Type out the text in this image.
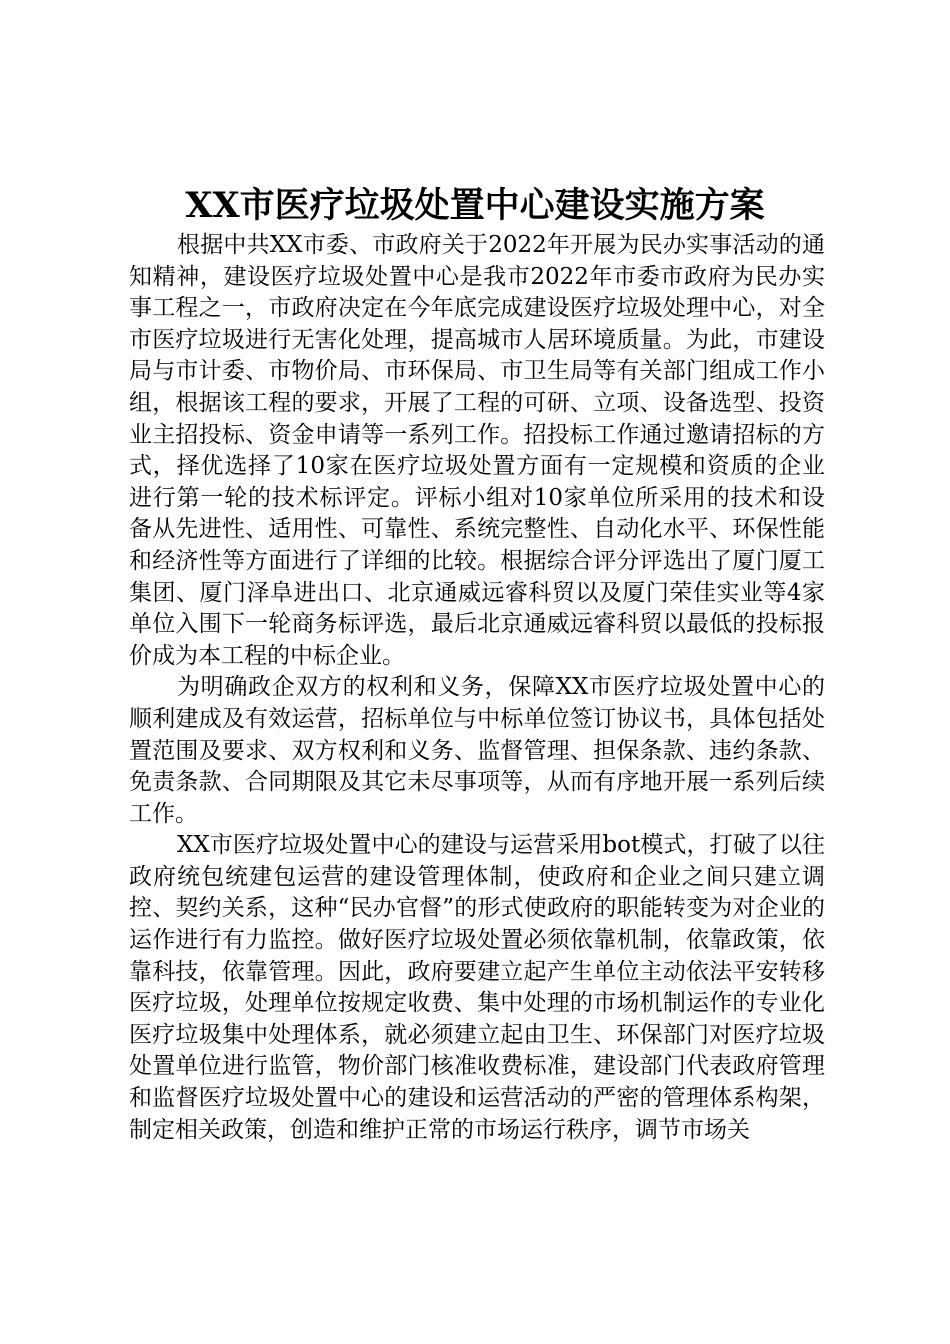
XX市医疗垃圾处置中心建设实施方案

根据中共XX市委、市政府关于2022年开展为民办实事活动的通知精神，建设医疗垃圾处置中心是我市2022年市委市政府为民办实事工程之一，市政府决定在今年底完成建设医疗垃圾处理中心，对全市医疗垃圾进行无害化处理，提高城市人居环境质量。为此，市建设局与市计委、市物价局、市环保局、市卫生局等有关部门组成工作小组，根据该工程的要求，开展了工程的可研、立项、设备选型、投资业主招投标、资金申请等一系列工作。招投标工作通过邀请招标的方式，择优选择了10家在医疗垃圾处置方面有一定规模和资质的企业进行第一轮的技术标评定。评标小组对10家单位所采用的技术和设备从先进性、适用性、可靠性、系统完整性、自动化水平、环保性能和经济性等方面进行了详细的比较。根据综合评分评选出了厦门厦工集团、厦门泽阜进出口、北京通威远睿科贸以及厦门荣佳实业等4家单位入围下一轮商务标评选，最后北京通威远睿科贸以最低的投标报价成为本工程的中标企业。

为明确政企双方的权利和义务，保障XX市医疗垃圾处置中心的顺利建成及有效运营，招标单位与中标单位签订协议书，具体包括处置范围及要求、双方权利和义务、监督管理、担保条款、违约条款、免责条款、合同期限及其它未尽事项等，从而有序地开展一系列后续工作。

XX市医疗垃圾处置中心的建设与运营采用bot模式，打破了以往政府统包统建包运营的建设管理体制，使政府和企业之间只建立调控、契约关系，这种“民办官督”的形式使政府的职能转变为对企业的运作进行有力监控。做好医疗垃圾处置必须依靠机制，依靠政策，依靠科技，依靠管理。因此，政府要建立起产生单位主动依法平安转移医疗垃圾，处理单位按规定收费、集中处理的市场机制运作的专业化医疗垃圾集中处理体系，就必须建立起由卫生、环保部门对医疗垃圾处置单位进行监管，物价部门核准收费标准，建设部门代表政府管理和监督医疗垃圾处置中心的建设和运营活动的严密的管理体系构架，制定相关政策，创造和维护正常的市场运行秩序，调节市场关
